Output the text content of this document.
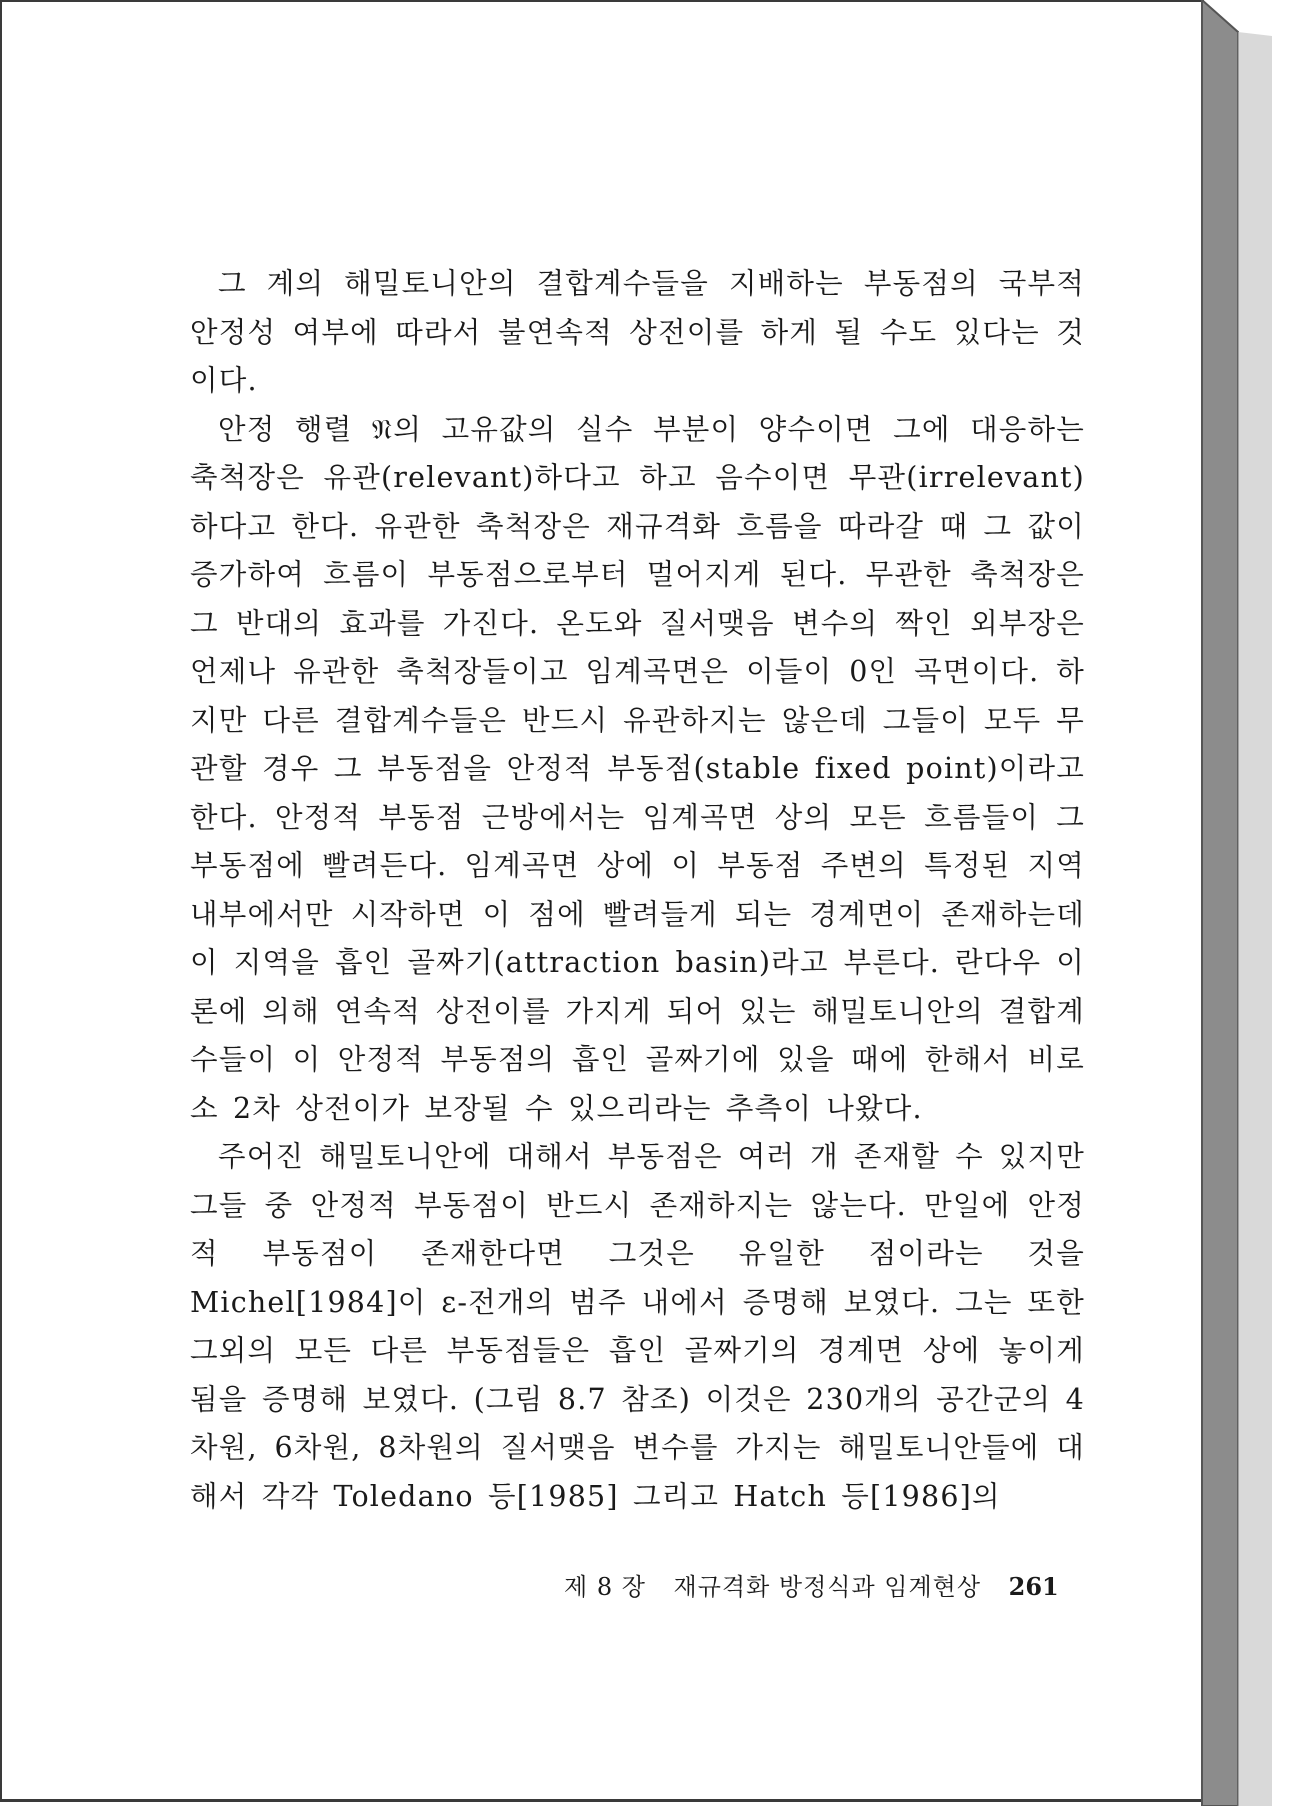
그 계의 해밀토니안의 결합계수들을 지배하는 부동점의 국부적 안정성 여부에 따라서 불연속적 상전이를 하게 될 수도 있다는 것이다.

안정 행렬 𝔑의 고유값의 실수 부분이 양수이면 그에 대응하는 축척장은 유관(relevant)하다고 하고 음수이면 무관(irrelevant)하다고 한다. 유관한 축척장은 재규격화 흐름을 따라갈 때 그 값이 증가하여 흐름이 부동점으로부터 멀어지게 된다. 무관한 축척장은 그 반대의 효과를 가진다. 온도와 질서맺음 변수의 짝인 외부장은 언제나 유관한 축척장들이고 임계곡면은 이들이 0인 곡면이다. 하지만 다른 결합계수들은 반드시 유관하지는 않은데 그들이 모두 무관할 경우 그 부동점을 안정적 부동점(stable fixed point)이라고 한다. 안정적 부동점 근방에서는 임계곡면 상의 모든 흐름들이 그 부동점에 빨려든다. 임계곡면 상에 이 부동점 주변의 특정된 지역 내부에서만 시작하면 이 점에 빨려들게 되는 경계면이 존재하는데 이 지역을 흡인 골짜기(attraction basin)라고 부른다. 란다우 이론에 의해 연속적 상전이를 가지게 되어 있는 해밀토니안의 결합계수들이 이 안정적 부동점의 흡인 골짜기에 있을 때에 한해서 비로소 2차 상전이가 보장될 수 있으리라는 추측이 나왔다.

주어진 해밀토니안에 대해서 부동점은 여러 개 존재할 수 있지만 그들 중 안정적 부동점이 반드시 존재하지는 않는다. 만일에 안정적 부동점이 존재한다면 그것은 유일한 점이라는 것을 Michel[1984]이 ε-전개의 범주 내에서 증명해 보였다. 그는 또한 그외의 모든 다른 부동점들은 흡인 골짜기의 경계면 상에 놓이게 됨을 증명해 보였다. (그림 8.7 참조) 이것은 230개의 공간군의 4차원, 6차원, 8차원의 질서맺음 변수를 가지는 해밀토니안들에 대해서 각각 Toledano 등[1985] 그리고 Hatch 등[1986]의

제 8 장 재규격화 방정식과 임계현상 261
